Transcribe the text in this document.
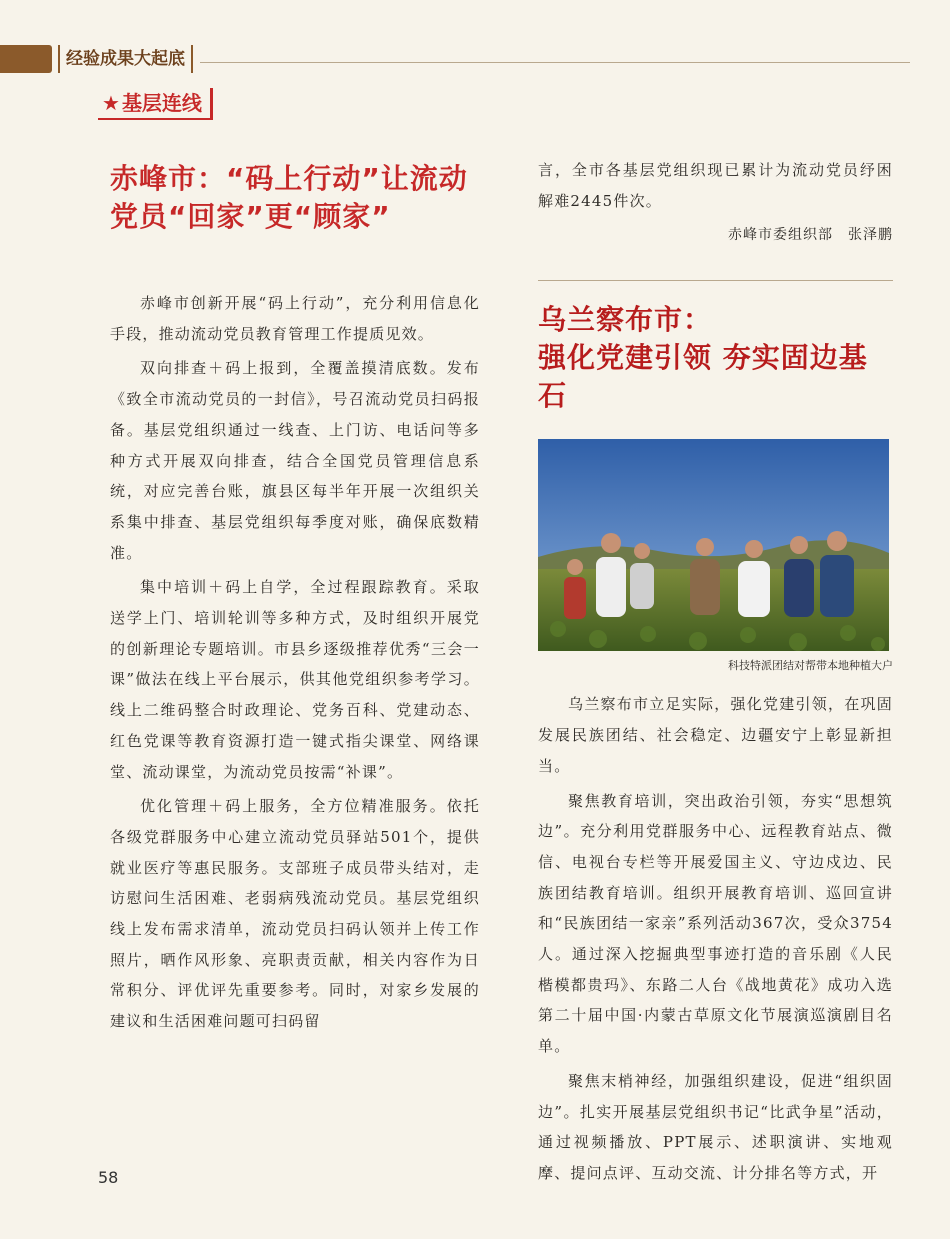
经验成果大起底
★ 基层连线
赤峰市：“码上行动”让流动
党员“回家”更“顾家”

赤峰市创新开展“码上行动”，充分利用信息化手段，推动流动党员教育管理工作提质见效。

双向排查＋码上报到，全覆盖摸清底数。发布《致全市流动党员的一封信》，号召流动党员扫码报备。基层党组织通过一线查、上门访、电话问等多种方式开展双向排查，结合全国党员管理信息系统，对应完善台账，旗县区每半年开展一次组织关系集中排查、基层党组织每季度对账，确保底数精准。

集中培训＋码上自学，全过程跟踪教育。采取送学上门、培训轮训等多种方式，及时组织开展党的创新理论专题培训。市县乡逐级推荐优秀“三会一课”做法在线上平台展示，供其他党组织参考学习。线上二维码整合时政理论、党务百科、党建动态、红色党课等教育资源打造一键式指尖课堂、网络课堂、流动课堂，为流动党员按需“补课”。

优化管理＋码上服务，全方位精准服务。依托各级党群服务中心建立流动党员驿站501个，提供就业医疗等惠民服务。支部班子成员带头结对，走访慰问生活困难、老弱病残流动党员。基层党组织线上发布需求清单，流动党员扫码认领并上传工作照片，晒作风形象、亮职责贡献，相关内容作为日常积分、评优评先重要参考。同时，对家乡发展的建议和生活困难问题可扫码留

言，全市各基层党组织现已累计为流动党员纾困解难2445件次。

赤峰市委组织部　张泽鹏

乌兰察布市：
强化党建引领 夯实固边基石

科技特派团结对帮带本地种植大户

乌兰察布市立足实际，强化党建引领，在巩固发展民族团结、社会稳定、边疆安宁上彰显新担当。

聚焦教育培训，突出政治引领，夯实“思想筑边”。充分利用党群服务中心、远程教育站点、微信、电视台专栏等开展爱国主义、守边戍边、民族团结教育培训。组织开展教育培训、巡回宣讲和“民族团结一家亲”系列活动367次，受众3754人。通过深入挖掘典型事迹打造的音乐剧《人民楷模都贵玛》、东路二人台《战地黄花》成功入选第二十届中国·内蒙古草原文化节展演巡演剧目名单。

聚焦末梢神经，加强组织建设，促进“组织固边”。扎实开展基层党组织书记“比武争星”活动，通过视频播放、PPT展示、述职演讲、实地观摩、提问点评、互动交流、计分排名等方式，开

58
